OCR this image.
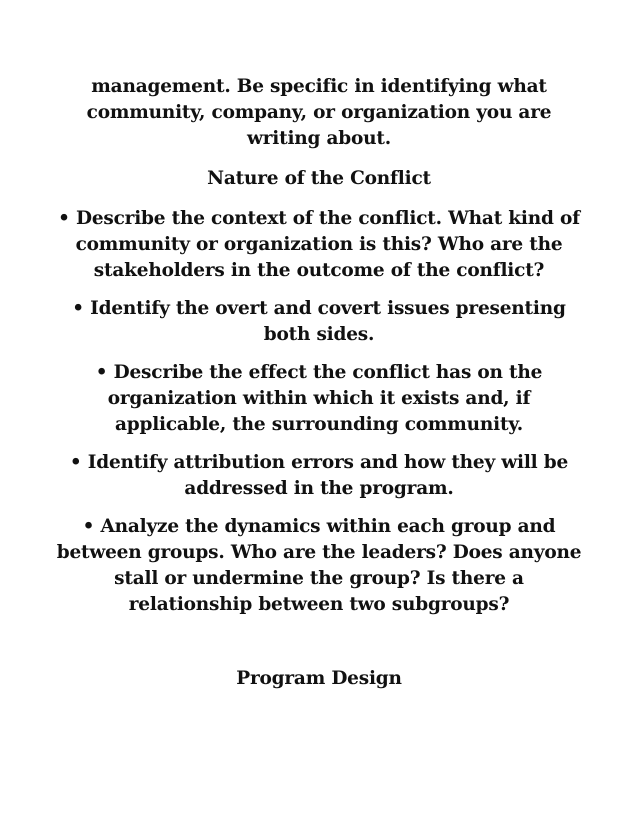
management. Be specific in identifying what community, company, or organization you are writing about.

Nature of the Conflict

• Describe the context of the conflict. What kind of community or organization is this? Who are the stakeholders in the outcome of the conflict?

• Identify the overt and covert issues presenting both sides.

• Describe the effect the conflict has on the organization within which it exists and, if applicable, the surrounding community.

• Identify attribution errors and how they will be addressed in the program.

• Analyze the dynamics within each group and between groups. Who are the leaders? Does anyone stall or undermine the group? Is there a relationship between two subgroups?

Program Design
